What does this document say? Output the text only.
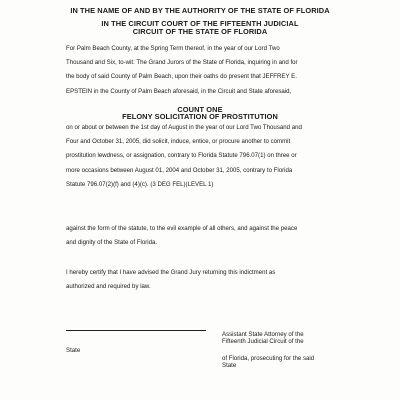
IN THE NAME OF AND BY THE AUTHORITY OF THE STATE OF FLORIDA
IN THE CIRCUIT COURT OF THE FIFTEENTH JUDICIAL
CIRCUIT OF THE STATE OF FLORIDA
For Palm Beach County, at the Spring Term thereof, in the year of our Lord Two
Thousand and Six, to-wit: The Grand Jurors of the State of Florida, inquiring in and for
the body of said County of Palm Beach, upon their oaths do present that JEFFREY E.
EPSTEIN in the County of Palm Beach aforesaid, in the Circuit and State aforesaid,
COUNT ONE
FELONY SOLICITATION OF PROSTITUTION
on or about or between the 1st day of August in the year of our Lord Two Thousand and
Four and October 31, 2005, did solicit, induce, entice, or procure another to commit
prostitution lewdness, or assignation, contrary to Florida Statute 796.07(1) on three or
more occasions between August 01, 2004 and October 31, 2005, contrary to Florida
Statute 796.07(2)(f) and (4)(c). (3 DEG FEL)(LEVEL 1)
against the form of the statute, to the evil example of all others, and against the peace
and dignity of the State of Florida.
I hereby certify that I have advised the Grand Jury returning this indictment as
authorized and required by law.
Assistant State Attorney of the
Fifteenth Judicial Circuit of the
State
of Florida, prosecuting for the said
State
